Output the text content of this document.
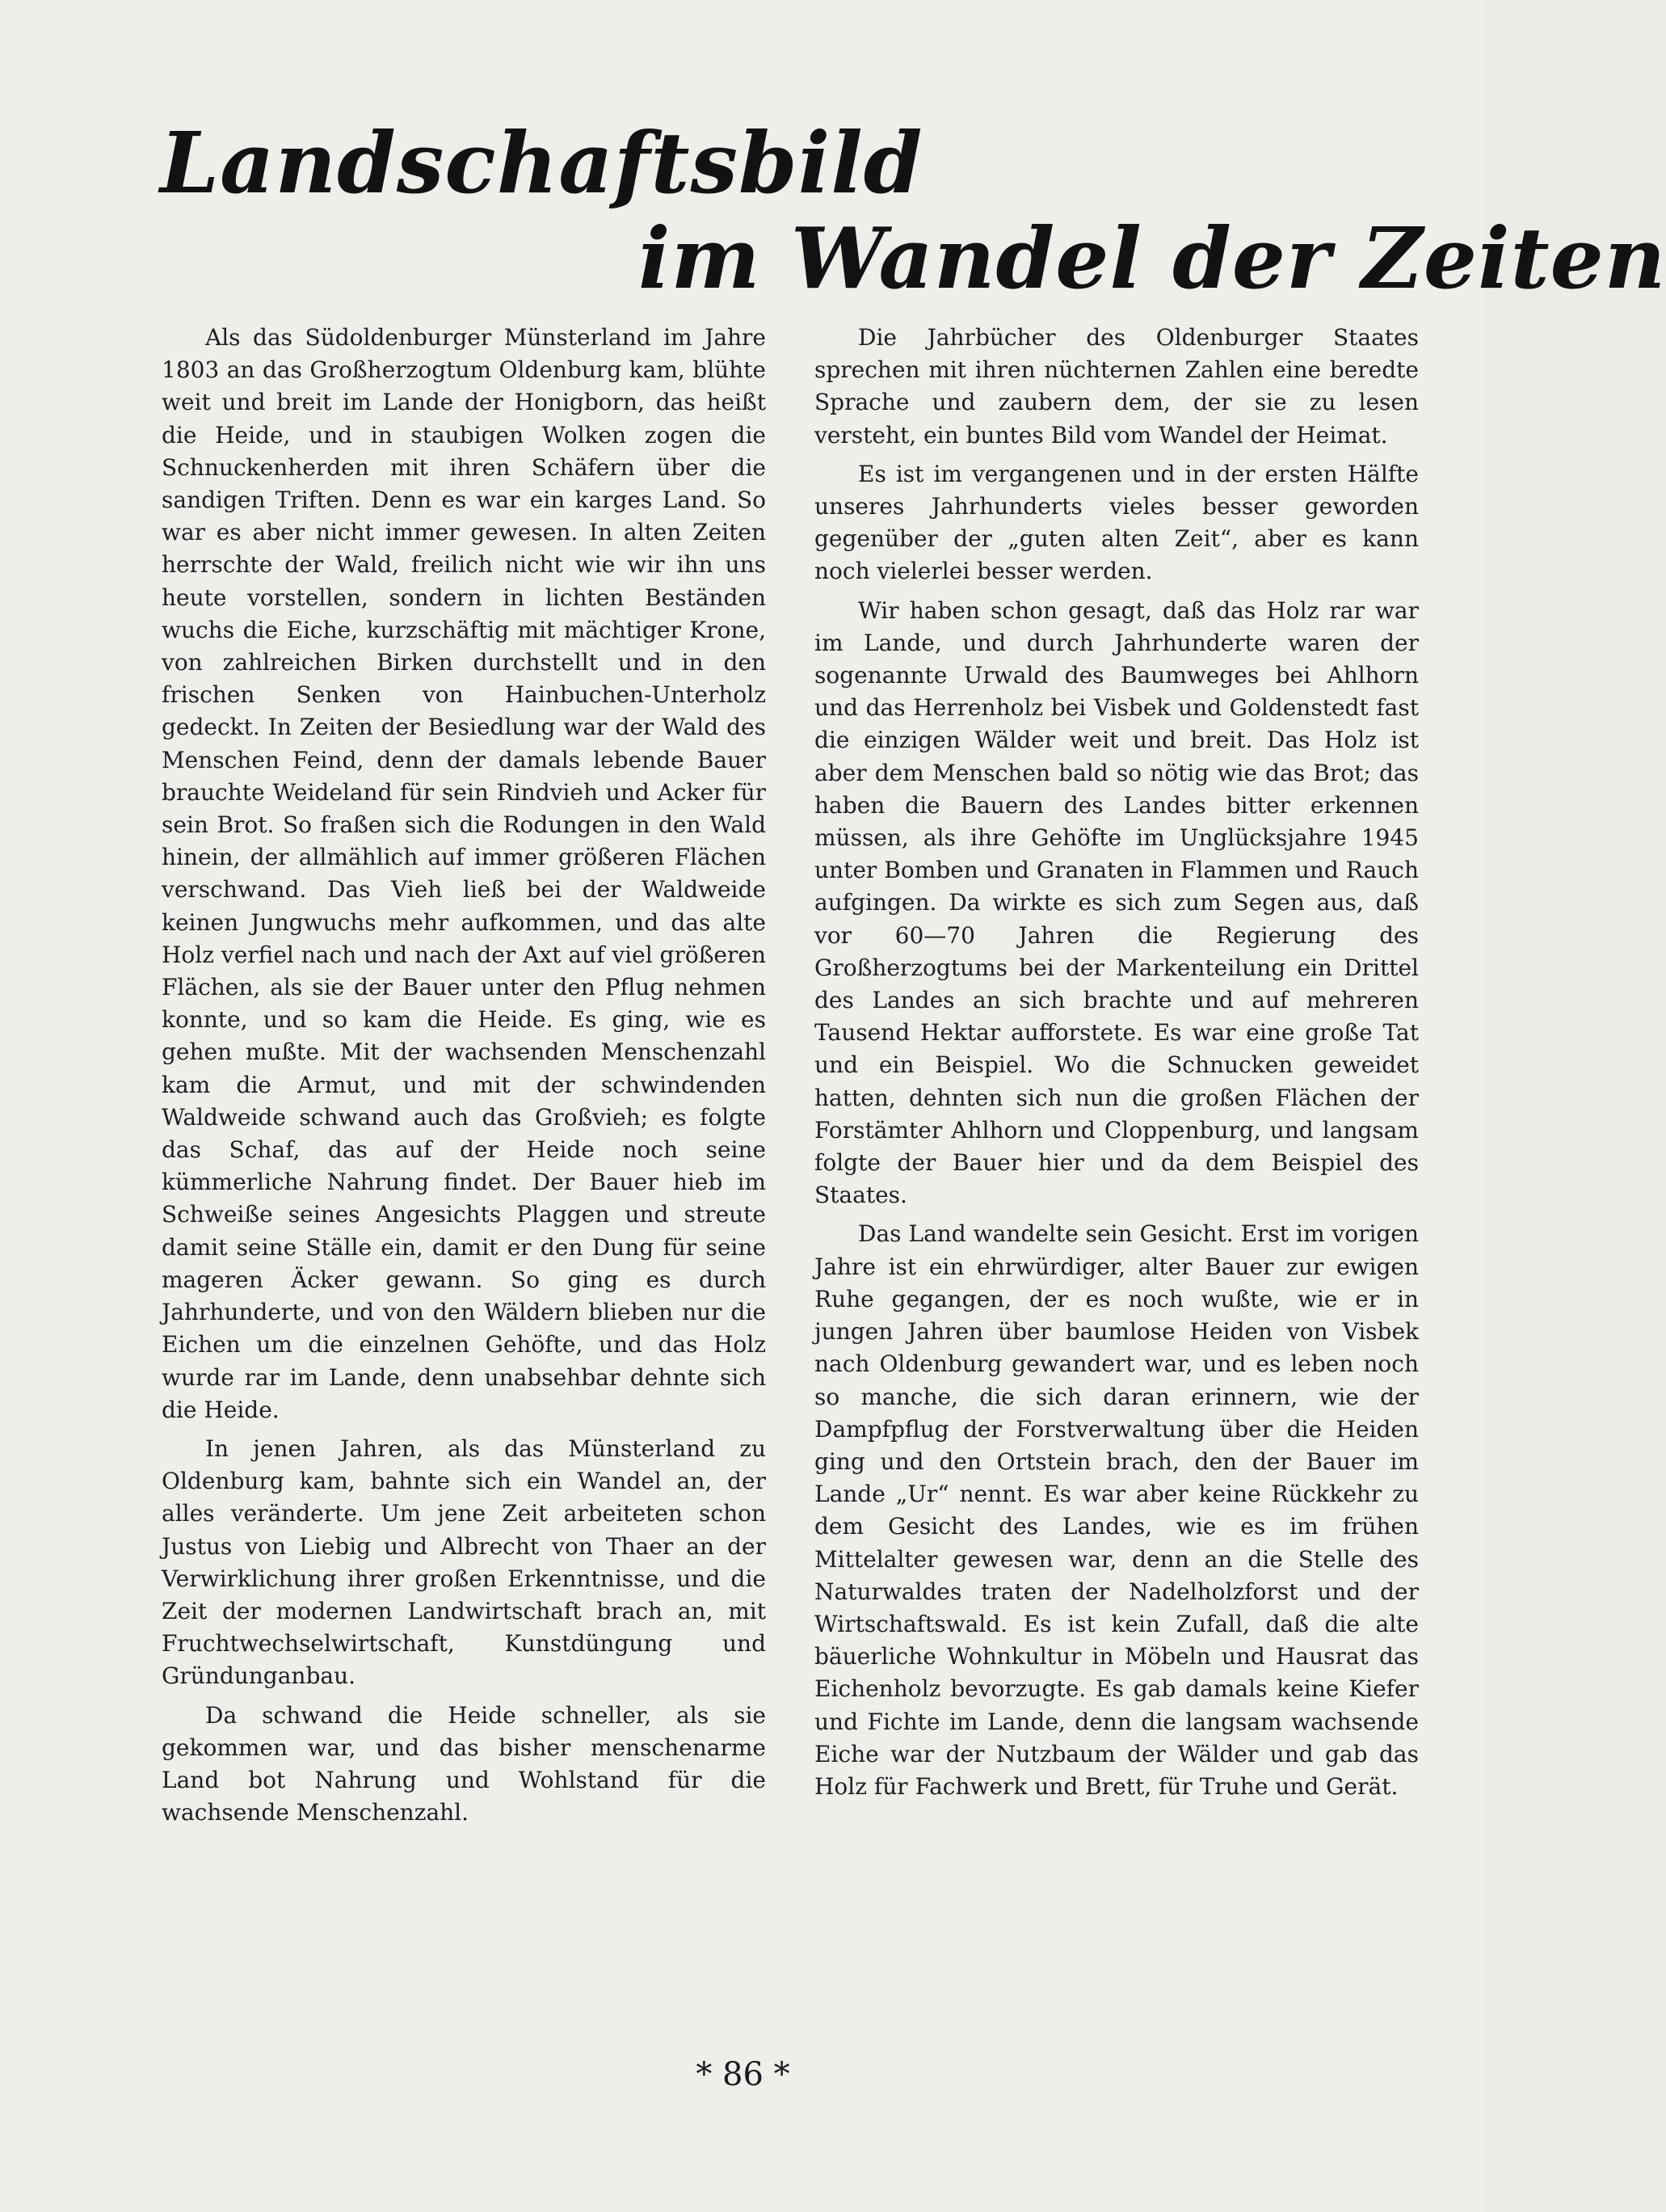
Landschaftsbild
im Wandel der Zeiten

Als das Südoldenburger Münsterland im Jahre 1803 an das Großherzogtum Oldenburg kam, blühte weit und breit im Lande der Honigborn, das heißt die Heide, und in staubigen Wolken zogen die Schnuckenherden mit ihren Schäfern über die sandigen Triften. Denn es war ein karges Land. So war es aber nicht immer gewesen. In alten Zeiten herrschte der Wald, freilich nicht wie wir ihn uns heute vorstellen, sondern in lichten Beständen wuchs die Eiche, kurzschäftig mit mächtiger Krone, von zahlreichen Birken durchstellt und in den frischen Senken von Hainbuchen-Unterholz gedeckt. In Zeiten der Besiedlung war der Wald des Menschen Feind, denn der damals lebende Bauer brauchte Weideland für sein Rindvieh und Acker für sein Brot. So fraßen sich die Rodungen in den Wald hinein, der allmählich auf immer größeren Flächen verschwand. Das Vieh ließ bei der Waldweide keinen Jungwuchs mehr aufkommen, und das alte Holz verfiel nach und nach der Axt auf viel größeren Flächen, als sie der Bauer unter den Pflug nehmen konnte, und so kam die Heide. Es ging, wie es gehen mußte. Mit der wachsenden Menschenzahl kam die Armut, und mit der schwindenden Waldweide schwand auch das Großvieh; es folgte das Schaf, das auf der Heide noch seine kümmerliche Nahrung findet. Der Bauer hieb im Schweiße seines Angesichts Plaggen und streute damit seine Ställe ein, damit er den Dung für seine mageren Äcker gewann. So ging es durch Jahrhunderte, und von den Wäldern blieben nur die Eichen um die einzelnen Gehöfte, und das Holz wurde rar im Lande, denn unabsehbar dehnte sich die Heide.

In jenen Jahren, als das Münsterland zu Oldenburg kam, bahnte sich ein Wandel an, der alles veränderte. Um jene Zeit arbeiteten schon Justus von Liebig und Albrecht von Thaer an der Verwirklichung ihrer großen Erkenntnisse, und die Zeit der modernen Landwirtschaft brach an, mit Fruchtwechselwirtschaft, Kunstdüngung und Gründunganbau.

Da schwand die Heide schneller, als sie gekommen war, und das bisher menschenarme Land bot Nahrung und Wohlstand für die wachsende Menschenzahl.

Die Jahrbücher des Oldenburger Staates sprechen mit ihren nüchternen Zahlen eine beredte Sprache und zaubern dem, der sie zu lesen versteht, ein buntes Bild vom Wandel der Heimat.

Es ist im vergangenen und in der ersten Hälfte unseres Jahrhunderts vieles besser geworden gegenüber der „guten alten Zeit“, aber es kann noch vielerlei besser werden.

Wir haben schon gesagt, daß das Holz rar war im Lande, und durch Jahrhunderte waren der sogenannte Urwald des Baumweges bei Ahlhorn und das Herrenholz bei Visbek und Goldenstedt fast die einzigen Wälder weit und breit. Das Holz ist aber dem Menschen bald so nötig wie das Brot; das haben die Bauern des Landes bitter erkennen müssen, als ihre Gehöfte im Unglücksjahre 1945 unter Bomben und Granaten in Flammen und Rauch aufgingen. Da wirkte es sich zum Segen aus, daß vor 60—70 Jahren die Regierung des Großherzogtums bei der Markenteilung ein Drittel des Landes an sich brachte und auf mehreren Tausend Hektar aufforstete. Es war eine große Tat und ein Beispiel. Wo die Schnucken geweidet hatten, dehnten sich nun die großen Flächen der Forstämter Ahlhorn und Cloppenburg, und langsam folgte der Bauer hier und da dem Beispiel des Staates.

Das Land wandelte sein Gesicht. Erst im vorigen Jahre ist ein ehrwürdiger, alter Bauer zur ewigen Ruhe gegangen, der es noch wußte, wie er in jungen Jahren über baumlose Heiden von Visbek nach Oldenburg gewandert war, und es leben noch so manche, die sich daran erinnern, wie der Dampfpflug der Forstverwaltung über die Heiden ging und den Ortstein brach, den der Bauer im Lande „Ur“ nennt. Es war aber keine Rückkehr zu dem Gesicht des Landes, wie es im frühen Mittelalter gewesen war, denn an die Stelle des Naturwaldes traten der Nadelholzforst und der Wirtschaftswald. Es ist kein Zufall, daß die alte bäuerliche Wohnkultur in Möbeln und Hausrat das Eichenholz bevorzugte. Es gab damals keine Kiefer und Fichte im Lande, denn die langsam wachsende Eiche war der Nutzbaum der Wälder und gab das Holz für Fachwerk und Brett, für Truhe und Gerät.

* 86 *
